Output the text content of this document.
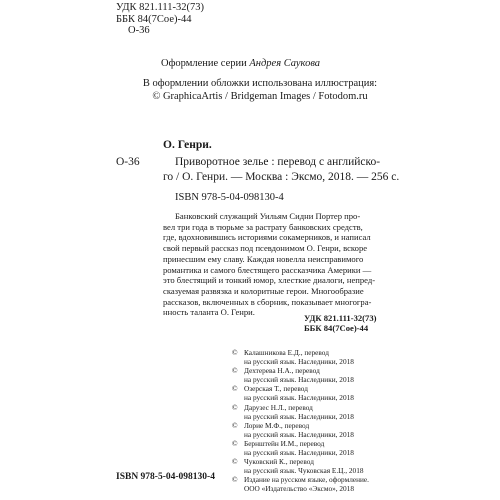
УДК 821.111-32(73)
ББК 84(7Сое)-44
О-36
Оформление серии Андрея Саукова
В оформлении обложки использована иллюстрация:
© GraphicaArtis / Bridgeman Images / Fotodom.ru
О. Генри.
О-36	Приворотное зелье : перевод с английско-
го / О. Генри. — Москва : Эксмо, 2018. — 256 с.
ISBN 978-5-04-098130-4
Банковский служащий Уильям Сидни Портер про-
вел три года в тюрьме за растрату банковских средств,
где, вдохновившись историями сокамерников, и написал
свой первый рассказ под псевдонимом О. Генри, вскоре
принесшим ему славу. Каждая новелла неисправимого
романтика и самого блестящего рассказчика Америки —
это блестящий и тонкий юмор, хлесткие диалоги, непред-
сказуемая развязка и колоритные герои. Многообразие
рассказов, включенных в сборник, показывает многогра-
нность таланта О. Генри.
УДК 821.111-32(73)
ББК 84(7Сое)-44
© Калашникова Е.Д., перевод
на русский язык. Наследники, 2018
© Дехтерева Н.А., перевод
на русский язык. Наследники, 2018
© Озерская Т., перевод
на русский язык. Наследники, 2018
© Дарузес Н.Л., перевод
на русский язык. Наследники, 2018
© Лорие М.Ф., перевод
на русский язык. Наследники, 2018
© Бернштейн И.М., перевод
на русский язык. Наследники, 2018
© Чуковский К., перевод
на русский язык. Чуковская Е.Ц., 2018
© Издание на русском языке, оформление.
ООО «Издательство «Эксмо», 2018
ISBN 978-5-04-098130-4
